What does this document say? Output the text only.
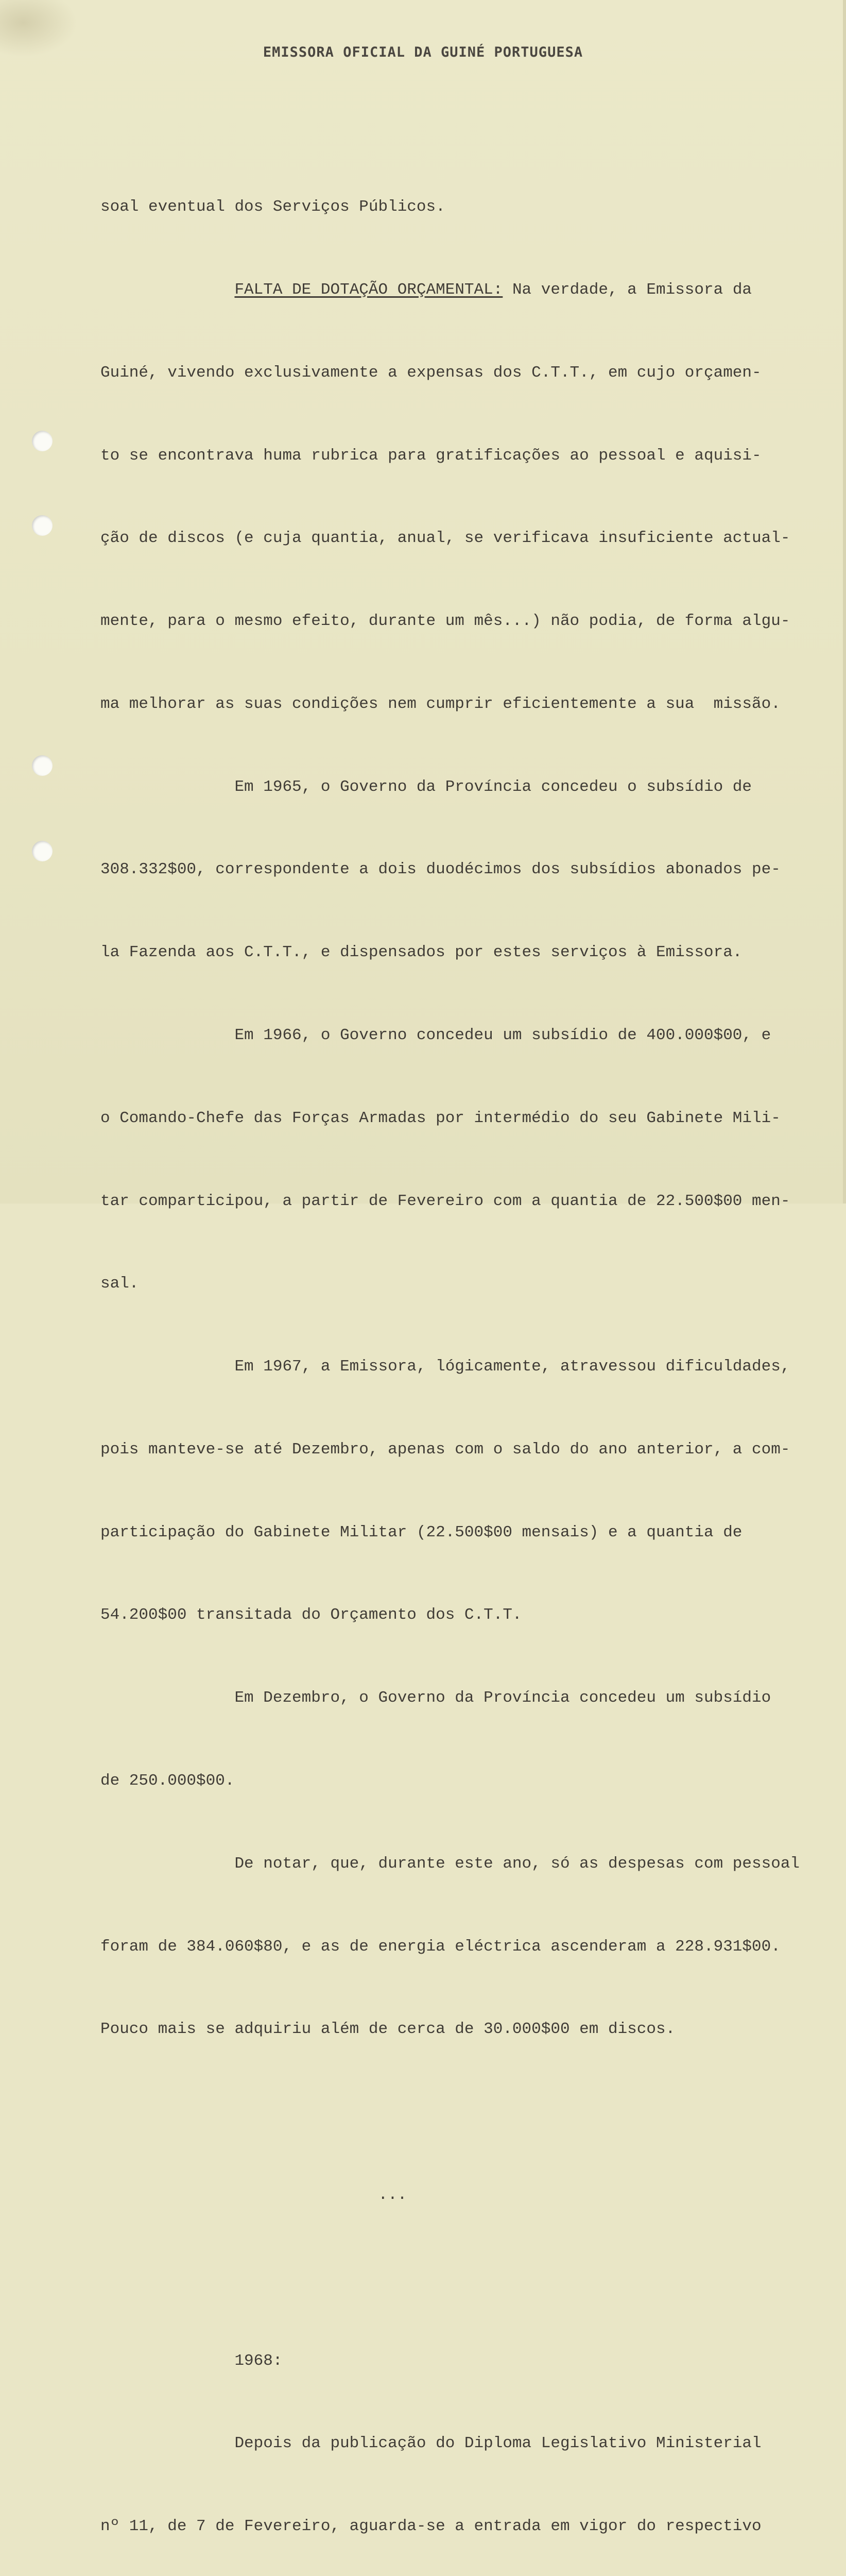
EMISSORA OFICIAL DA GUINÉ PORTUGUESA

soal eventual dos Serviços Públicos.

FALTA DE DOTAÇÃO ORÇAMENTAL: Na verdade, a Emissora da

Guiné, vivendo exclusivamente a expensas dos C.T.T., em cujo orçamen-

to se encontrava huma rubrica para gratificações ao pessoal e aquisi-

ção de discos (e cuja quantia, anual, se verificava insuficiente actual-

mente, para o mesmo efeito, durante um mês...) não podia, de forma algu-

ma melhorar as suas condições nem cumprir eficientemente a sua  missão.

Em 1965, o Governo da Província concedeu o subsídio de

308.332$00, correspondente a dois duodécimos dos subsídios abonados pe-

la Fazenda aos C.T.T., e dispensados por estes serviços à Emissora.

Em 1966, o Governo concedeu um subsídio de 400.000$00, e

o Comando-Chefe das Forças Armadas por intermédio do seu Gabinete Mili-

tar comparticipou, a partir de Fevereiro com a quantia de 22.500$00 men-

sal.

Em 1967, a Emissora, lógicamente, atravessou dificuldades,

pois manteve-se até Dezembro, apenas com o saldo do ano anterior, a com-

participação do Gabinete Militar (22.500$00 mensais) e a quantia de

54.200$00 transitada do Orçamento dos C.T.T.

Em Dezembro, o Governo da Província concedeu um subsídio

de 250.000$00.

De notar, que, durante este ano, só as despesas com pessoal

foram de 384.060$80, e as de energia eléctrica ascenderam a 228.931$00.

Pouco mais se adquiriu além de cerca de 30.000$00 em discos.

...

1968:

Depois da publicação do Diploma Legislativo Ministerial

nº 11, de 7 de Fevereiro, aguarda-se a entrada em vigor do respectivo
